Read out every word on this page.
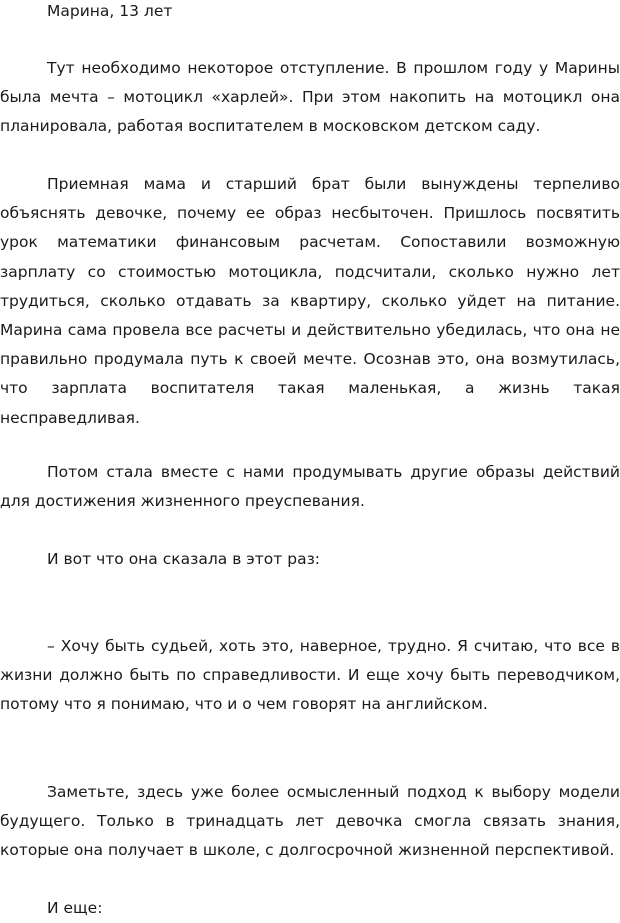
Марина, 13 лет

Тут необходимо некоторое отступление. В прошлом году у Марины была мечта – мотоцикл «харлей». При этом накопить на мотоцикл она планировала, работая воспитателем в московском детском саду.

Приемная мама и старший брат были вынуждены терпеливо объяснять девочке, почему ее образ несбыточен. Пришлось посвятить урок математики финансовым расчетам. Сопоставили возможную зарплату со стоимостью мотоцикла, подсчитали, сколько нужно лет трудиться, сколько отдавать за квартиру, сколько уйдет на питание. Марина сама провела все расчеты и действительно убедилась, что она не правильно продумала путь к своей мечте. Осознав это, она возмутилась, что зарплата воспитателя такая маленькая, а жизнь такая несправедливая.

Потом стала вместе с нами продумывать другие образы действий для достижения жизненного преуспевания.

И вот что она сказала в этот раз:

– Хочу быть судьей, хоть это, наверное, трудно. Я считаю, что все в жизни должно быть по справедливости. И еще хочу быть переводчиком, потому что я понимаю, что и о чем говорят на английском.

Заметьте, здесь уже более осмысленный подход к выбору модели будущего. Только в тринадцать лет девочка смогла связать знания, которые она получает в школе, с долгосрочной жизненной перспективой.

И еще:
